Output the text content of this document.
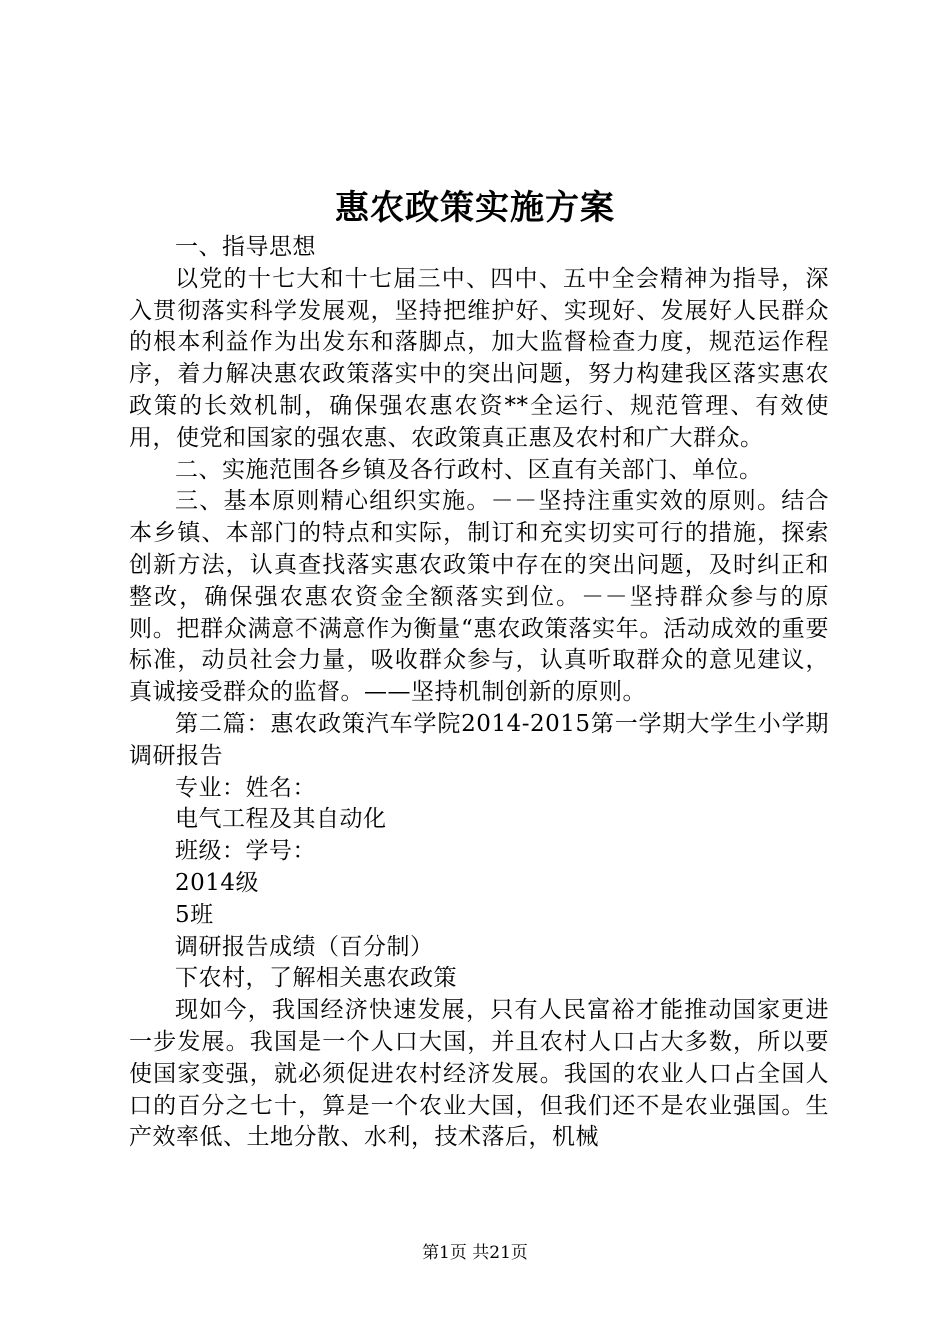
惠农政策实施方案

一、指导思想

以党的十七大和十七届三中、四中、五中全会精神为指导，深入贯彻落实科学发展观，坚持把维护好、实现好、发展好人民群众的根本利益作为出发东和落脚点，加大监督检查力度，规范运作程序，着力解决惠农政策落实中的突出问题，努力构建我区落实惠农政策的长效机制，确保强农惠农资**全运行、规范管理、有效使用，使党和国家的强农惠、农政策真正惠及农村和广大群众。

二、实施范围各乡镇及各行政村、区直有关部门、单位。

三、基本原则精心组织实施。－－坚持注重实效的原则。结合本乡镇、本部门的特点和实际，制订和充实切实可行的措施，探索创新方法，认真查找落实惠农政策中存在的突出问题，及时纠正和整改，确保强农惠农资金全额落实到位。－－坚持群众参与的原则。把群众满意不满意作为衡量“惠农政策落实年。活动成效的重要标准，动员社会力量，吸收群众参与，认真听取群众的意见建议，真诚接受群众的监督。——坚持机制创新的原则。

第二篇：惠农政策汽车学院2014-2015第一学期大学生小学期调研报告

专业：姓名：

电气工程及其自动化

班级：学号：

2014级

5班

调研报告成绩（百分制）

下农村，了解相关惠农政策

现如今，我国经济快速发展，只有人民富裕才能推动国家更进一步发展。我国是一个人口大国，并且农村人口占大多数，所以要使国家变强，就必须促进农村经济发展。我国的农业人口占全国人口的百分之七十，算是一个农业大国，但我们还不是农业强国。生产效率低、土地分散、水利，技术落后，机械

第1页 共21页
